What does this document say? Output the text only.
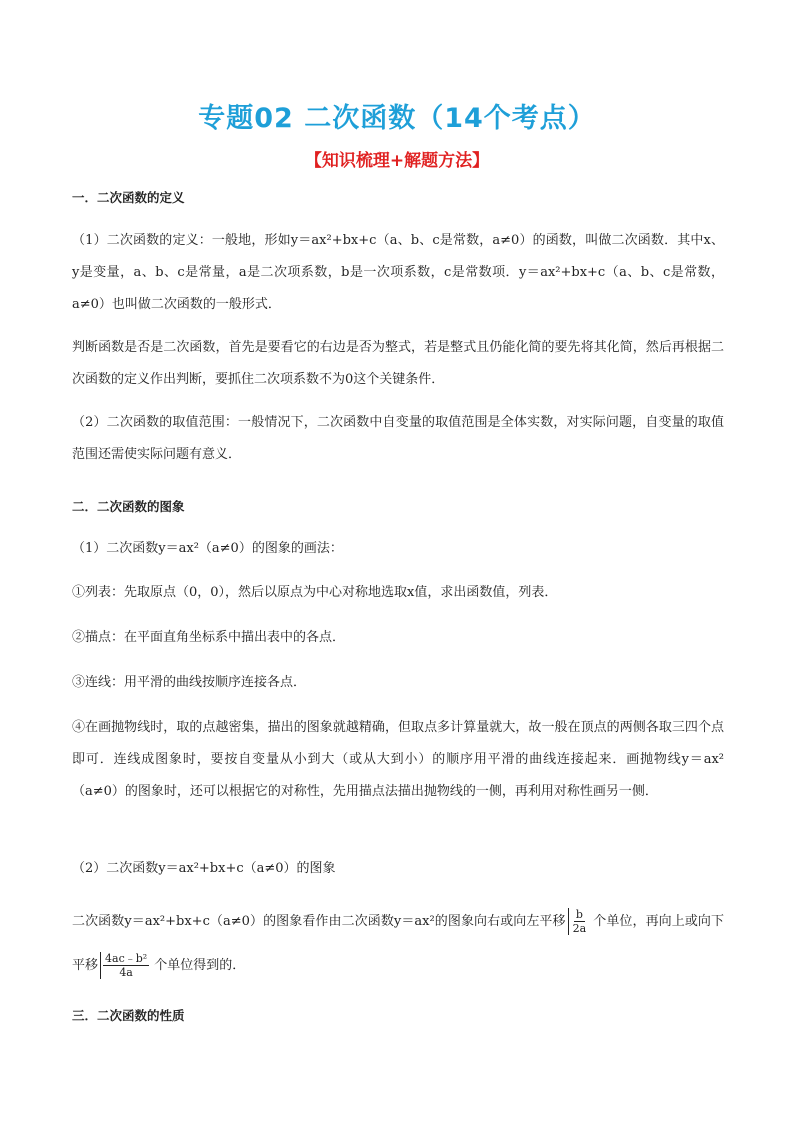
专题02 二次函数（14个考点）
【知识梳理+解题方法】
一．二次函数的定义
（1）二次函数的定义：一般地，形如y＝ax²+bx+c（a、b、c是常数，a≠0）的函数，叫做二次函数．其中x、y是变量，a、b、c是常量，a是二次项系数，b是一次项系数，c是常数项．y＝ax²+bx+c（a、b、c是常数，a≠0）也叫做二次函数的一般形式．
判断函数是否是二次函数，首先是要看它的右边是否为整式，若是整式且仍能化简的要先将其化简，然后再根据二次函数的定义作出判断，要抓住二次项系数不为0这个关键条件．
（2）二次函数的取值范围：一般情况下，二次函数中自变量的取值范围是全体实数，对实际问题，自变量的取值范围还需使实际问题有意义．
二．二次函数的图象
（1）二次函数y＝ax²（a≠0）的图象的画法：
①列表：先取原点（0，0），然后以原点为中心对称地选取x值，求出函数值，列表．
②描点：在平面直角坐标系中描出表中的各点．
③连线：用平滑的曲线按顺序连接各点．
④在画抛物线时，取的点越密集，描出的图象就越精确，但取点多计算量就大，故一般在顶点的两侧各取三四个点即可．连线成图象时，要按自变量从小到大（或从大到小）的顺序用平滑的曲线连接起来．画抛物线y＝ax²（a≠0）的图象时，还可以根据它的对称性，先用描点法描出抛物线的一侧，再利用对称性画另一侧．
（2）二次函数y＝ax²+bx+c（a≠0）的图象
二次函数y＝ax²+bx+c（a≠0）的图象看作由二次函数y＝ax²的图象向右或向左平移 $\frac{b}{2a}$ 个单位，再向上或向下平移 $\frac{\text{4ac﹣b²}}{4a}$ 个单位得到的．
三．二次函数的性质
